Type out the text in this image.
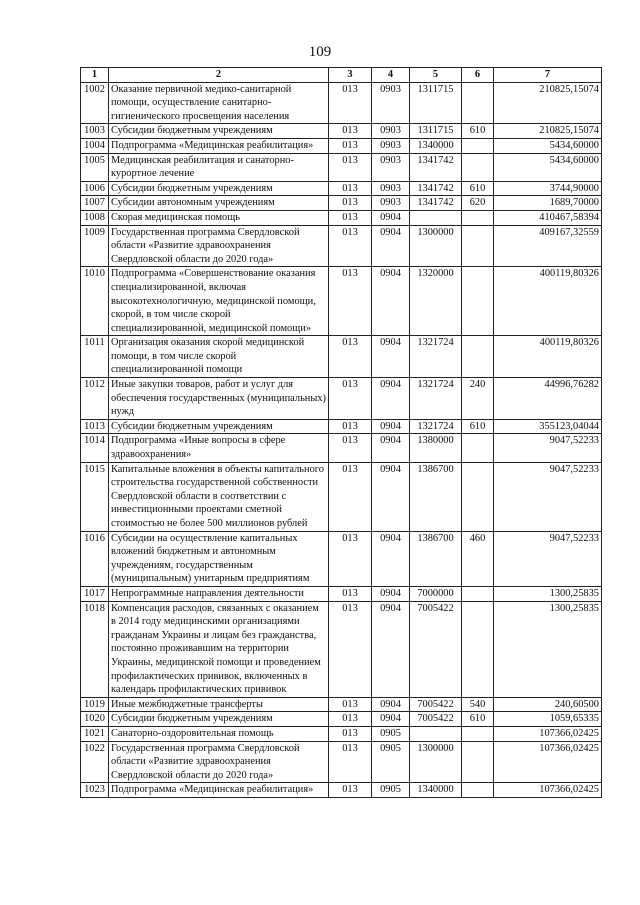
109
1	2	3	4	5	6	7
1002	Оказание первичной медико-санитарной помощи, осуществление санитарно-гигиенического просвещения населения	013	0903	1311715		210825,15074
1003	Субсидии бюджетным учреждениям	013	0903	1311715	610	210825,15074
1004	Подпрограмма «Медицинская реабилитация»	013	0903	1340000		5434,60000
1005	Медицинская реабилитация и санаторно-курортное лечение	013	0903	1341742		5434,60000
1006	Субсидии бюджетным учреждениям	013	0903	1341742	610	3744,90000
1007	Субсидии автономным учреждениям	013	0903	1341742	620	1689,70000
1008	Скорая медицинская помощь	013	0904			410467,58394
1009	Государственная программа Свердловской области «Развитие здравоохранения Свердловской области до 2020 года»	013	0904	1300000		409167,32559
1010	Подпрограмма «Совершенствование оказания специализированной, включая высокотехнологичную, медицинской помощи, скорой, в том числе скорой специализированной, медицинской помощи»	013	0904	1320000		400119,80326
1011	Организация оказания скорой медицинской помощи, в том числе скорой специализированной помощи	013	0904	1321724		400119,80326
1012	Иные закупки товаров, работ и услуг для обеспечения государственных (муниципальных) нужд	013	0904	1321724	240	44996,76282
1013	Субсидии бюджетным учреждениям	013	0904	1321724	610	355123,04044
1014	Подпрограмма «Иные вопросы в сфере здравоохранения»	013	0904	1380000		9047,52233
1015	Капитальные вложения в объекты капитального строительства государственной собственности Свердловской области в соответствии с инвестиционными проектами сметной стоимостью не более 500 миллионов рублей	013	0904	1386700		9047,52233
1016	Субсидии на осуществление капитальных вложений бюджетным и автономным учреждениям, государственным (муниципальным) унитарным предприятиям	013	0904	1386700	460	9047,52233
1017	Непрограммные направления деятельности	013	0904	7000000		1300,25835
1018	Компенсация расходов, связанных с оказанием в 2014 году медицинскими организациями гражданам Украины и лицам без гражданства, постоянно проживавшим на территории Украины, медицинской помощи и проведением профилактических прививок, включенных в календарь профилактических прививок	013	0904	7005422		1300,25835
1019	Иные межбюджетные трансферты	013	0904	7005422	540	240,60500
1020	Субсидии бюджетным учреждениям	013	0904	7005422	610	1059,65335
1021	Санаторно-оздоровительная помощь	013	0905			107366,02425
1022	Государственная программа Свердловской области «Развитие здравоохранения Свердловской области до 2020 года»	013	0905	1300000		107366,02425
1023	Подпрограмма «Медицинская реабилитация»	013	0905	1340000		107366,02425
